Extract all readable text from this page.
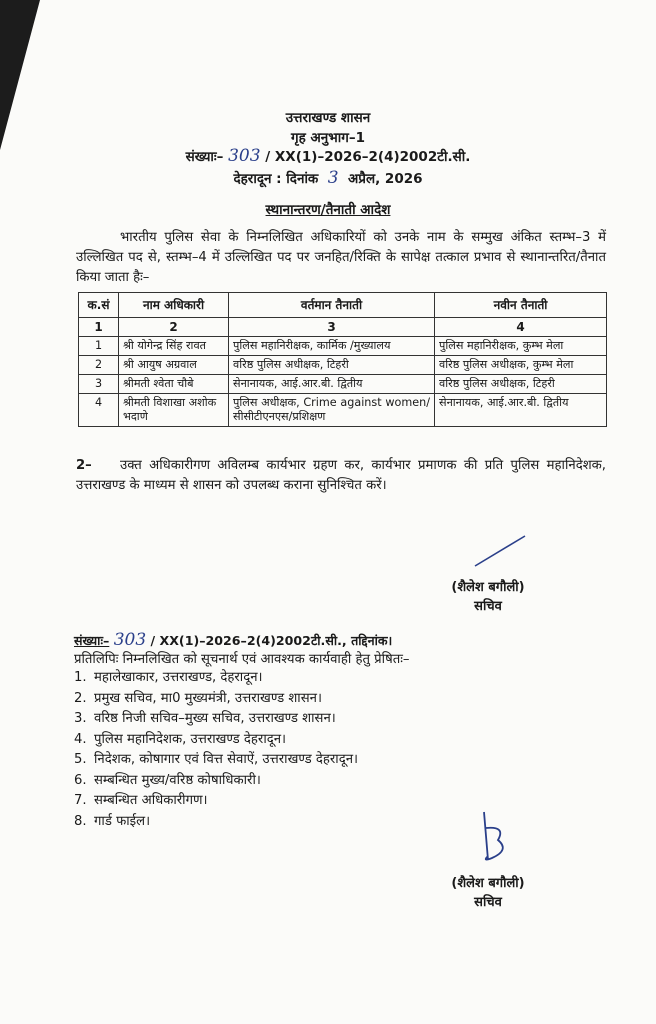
उत्तराखण्ड शासन
गृह अनुभाग–1
संख्याः– 303 / XX(1)–2026–2(4)2002टी.सी.
देहरादून : दिनांक 3 अप्रैल, 2026
स्थानान्तरण/तैनाती आदेश
भारतीय पुलिस सेवा के निम्नलिखित अधिकारियों को उनके नाम के सम्मुख अंकित स्तम्भ–3 में उल्लिखित पद से, स्तम्भ–4 में उल्लिखित पद पर जनहित/रिक्ति के सापेक्ष तत्काल प्रभाव से स्थानान्तरित/तैनात किया जाता हैः–
क.सं	नाम अधिकारी	वर्तमान तैनाती	नवीन तैनाती
1	2	3	4
1	श्री योगेन्द्र सिंह रावत	पुलिस महानिरीक्षक, कार्मिक /मुख्यालय	पुलिस महानिरीक्षक, कुम्भ मेला
2	श्री आयुष अग्रवाल	वरिष्ठ पुलिस अधीक्षक, टिहरी	वरिष्ठ पुलिस अधीक्षक, कुम्भ मेला
3	श्रीमती श्वेता चौबे	सेनानायक, आई.आर.बी. द्वितीय	वरिष्ठ पुलिस अधीक्षक, टिहरी
4	श्रीमती विशाखा अशोक भदाणे	पुलिस अधीक्षक, Crime against women/सीसीटीएनएस/प्रशिक्षण	सेनानायक, आई.आर.बी. द्वितीय
2– उक्त अधिकारीगण अविलम्ब कार्यभार ग्रहण कर, कार्यभार प्रमाणक की प्रति पुलिस महानिदेशक, उत्तराखण्ड के माध्यम से शासन को उपलब्ध कराना सुनिश्चित करें।
(शैलेश बगौली)
सचिव
संख्याः– 303 / XX(1)–2026–2(4)2002टी.सी., तद्दिनांक।
प्रतिलिपिः निम्नलिखित को सूचनार्थ एवं आवश्यक कार्यवाही हेतु प्रेषितः–
1. महालेखाकार, उत्तराखण्ड, देहरादून।
2. प्रमुख सचिव, मा0 मुख्यमंत्री, उत्तराखण्ड शासन।
3. वरिष्ठ निजी सचिव–मुख्य सचिव, उत्तराखण्ड शासन।
4. पुलिस महानिदेशक, उत्तराखण्ड देहरादून।
5. निदेशक, कोषागार एवं वित्त सेवाऐं, उत्तराखण्ड देहरादून।
6. सम्बन्धित मुख्य/वरिष्ठ कोषाधिकारी।
7. सम्बन्धित अधिकारीगण।
8. गार्ड फाईल।
(शैलेश बगौली)
सचिव
